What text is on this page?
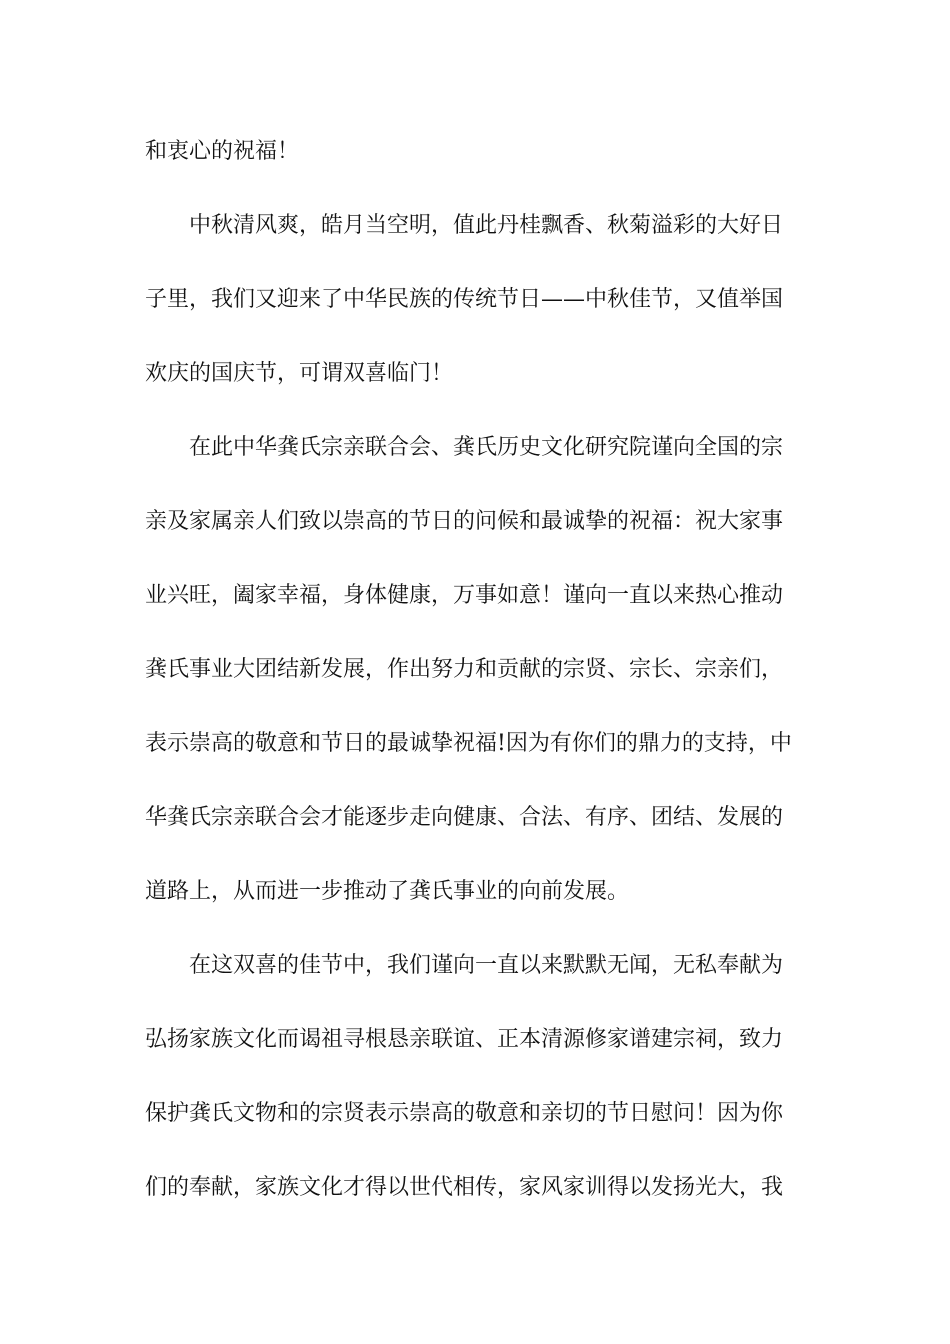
和衷心的祝福！
中秋清风爽，皓月当空明，值此丹桂飘香、秋菊溢彩的大好日
子里，我们又迎来了中华民族的传统节日——中秋佳节，又值举国
欢庆的国庆节，可谓双喜临门！
在此中华龚氏宗亲联合会、龚氏历史文化研究院谨向全国的宗
亲及家属亲人们致以崇高的节日的问候和最诚挚的祝福：祝大家事
业兴旺，阖家幸福，身体健康，万事如意！谨向一直以来热心推动
龚氏事业大团结新发展，作出努力和贡献的宗贤、宗长、宗亲们，
表示崇高的敬意和节日的最诚挚祝福!因为有你们的鼎力的支持，中
华龚氏宗亲联合会才能逐步走向健康、合法、有序、团结、发展的
道路上，从而进一步推动了龚氏事业的向前发展。
在这双喜的佳节中，我们谨向一直以来默默无闻，无私奉献为
弘扬家族文化而谒祖寻根恳亲联谊、正本清源修家谱建宗祠，致力
保护龚氏文物和的宗贤表示崇高的敬意和亲切的节日慰问！因为你
们的奉献，家族文化才得以世代相传，家风家训得以发扬光大，我
